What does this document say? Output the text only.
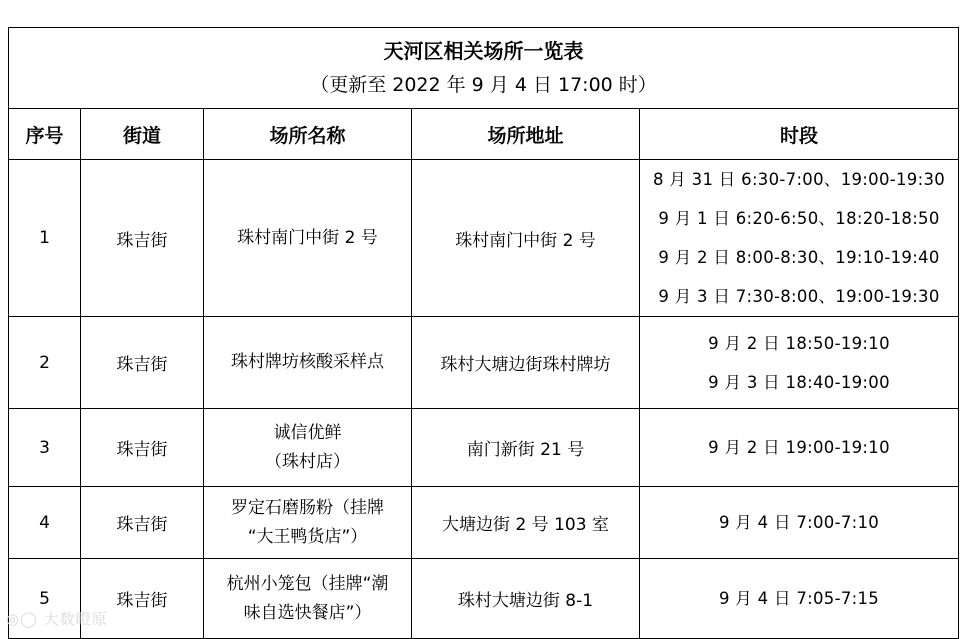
天河区相关场所一览表
（更新至 2022 年 9 月 4 日 17:00 时）				

序号	街道	场所名称	场所地址	时段
1	珠吉街	珠村南门中街 2 号	珠村南门中街 2 号	8 月 31 日 6:30-7:00、19:00-19:30
9 月 1 日 6:20-6:50、18:20-18:50
9 月 2 日 8:00-8:30、19:10-19:40
9 月 3 日 7:30-8:00、19:00-19:30

2	珠吉街	珠村牌坊核酸采样点	珠村大塘边街珠村牌坊	9 月 2 日 18:50-19:10
9 月 3 日 18:40-19:00

3	珠吉街	诚信优鲜
（珠村店）	南门新街 21 号	9 月 2 日 19:00-19:10

4	珠吉街	罗定石磨肠粉（挂牌
“大王鸭货店”）	大塘边街 2 号 103 室	9 月 4 日 7:00-7:10

5	珠吉街	杭州小笼包（挂牌“潮
味自选快餐店”）	珠村大塘边街 8-1	9 月 4 日 7:05-7:15
◎◯ 大数瞪原
